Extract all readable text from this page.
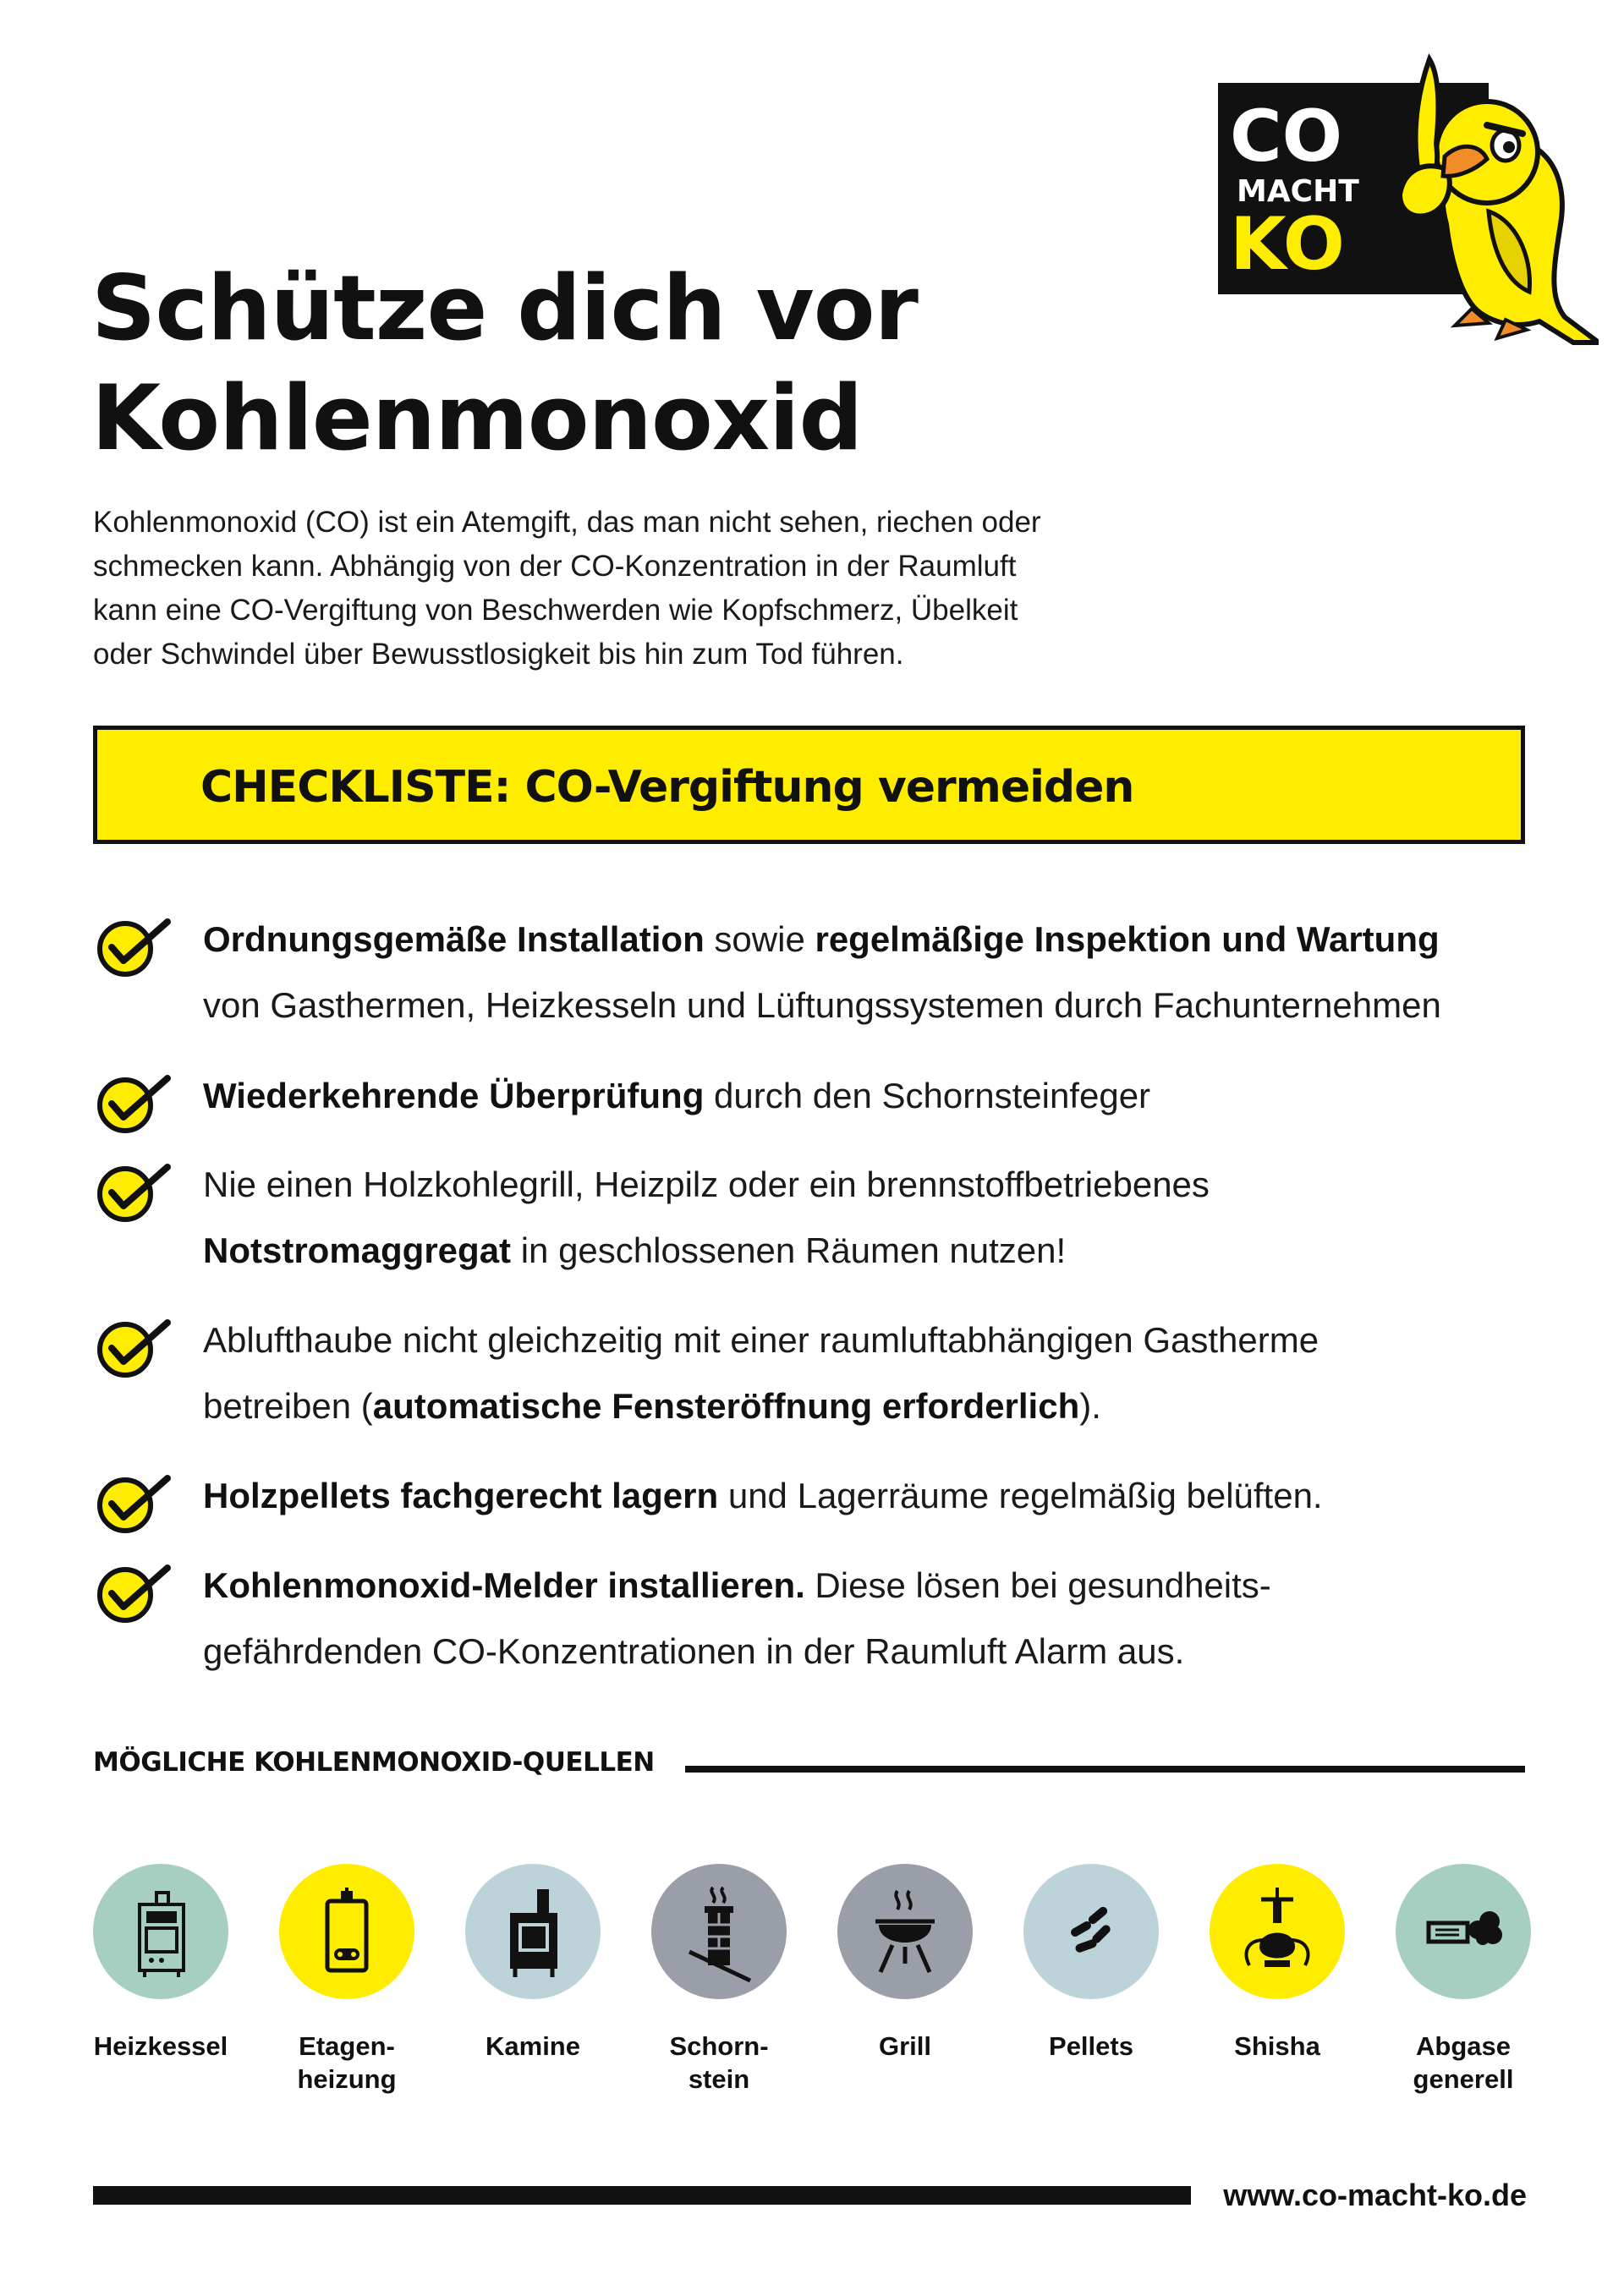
CO
MACHT
KO
Schütze dich vor
Kohlenmonoxid
Kohlenmonoxid (CO) ist ein Atemgift, das man nicht sehen, riechen oder
schmecken kann. Abhängig von der CO-Konzentration in der Raumluft
kann eine CO-Vergiftung von Beschwerden wie Kopfschmerz, Übelkeit
oder Schwindel über Bewusstlosigkeit bis hin zum Tod führen.
CHECKLISTE: CO-Vergiftung vermeiden
Ordnungsgemäße Installation sowie regelmäßige Inspektion und Wartung
von Gasthermen, Heizkesseln und Lüftungssystemen durch Fachunternehmen
Wiederkehrende Überprüfung durch den Schornsteinfeger
Nie einen Holzkohlegrill, Heizpilz oder ein brennstoffbetriebenes
Notstromaggregat in geschlossenen Räumen nutzen!
Ablufthaube nicht gleichzeitig mit einer raumluftabhängigen Gastherme
betreiben (automatische Fensteröffnung erforderlich).
Holzpellets fachgerecht lagern und Lagerräume regelmäßig belüften.
Kohlenmonoxid-Melder installieren. Diese lösen bei gesundheits-
gefährdenden CO-Konzentrationen in der Raumluft Alarm aus.
MÖGLICHE KOHLENMONOXID-QUELLEN
Heizkessel	Etagen-
heizung
Kamine	Schorn-
stein
Grill	Pellets	Shisha	Abgase
generell
www.co-macht-ko.de
